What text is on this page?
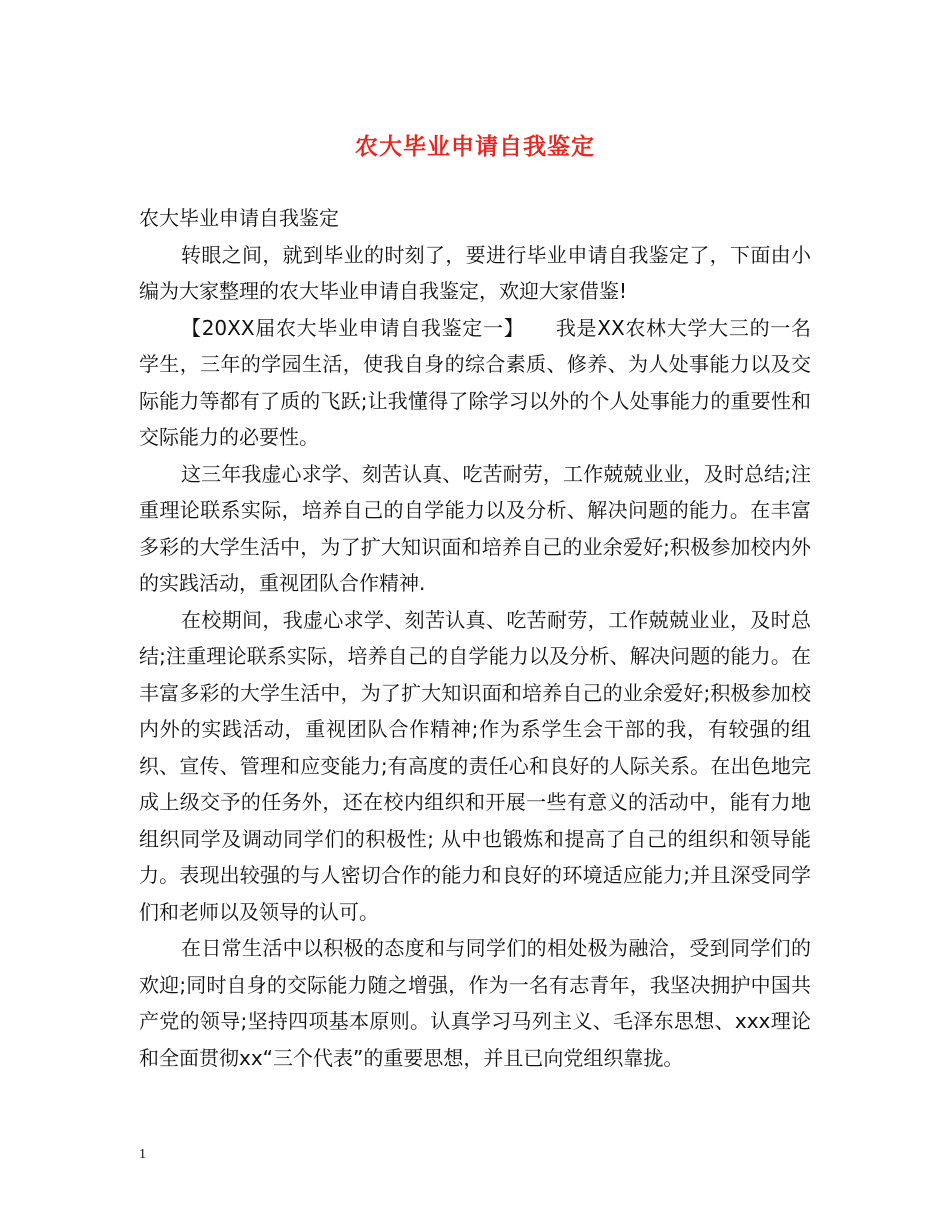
农大毕业申请自我鉴定

农大毕业申请自我鉴定

转眼之间，就到毕业的时刻了，要进行毕业申请自我鉴定了，下面由小编为大家整理的农大毕业申请自我鉴定，欢迎大家借鉴!

【20XX届农大毕业申请自我鉴定一】　　我是XX农林大学大三的一名学生，三年的学园生活，使我自身的综合素质、修养、为人处事能力以及交际能力等都有了质的飞跃;让我懂得了除学习以外的个人处事能力的重要性和交际能力的必要性。

这三年我虚心求学、刻苦认真、吃苦耐劳，工作兢兢业业，及时总结;注重理论联系实际，培养自己的自学能力以及分析、解决问题的能力。在丰富多彩的大学生活中，为了扩大知识面和培养自己的业余爱好;积极参加校内外的实践活动，重视团队合作精神.

在校期间，我虚心求学、刻苦认真、吃苦耐劳，工作兢兢业业，及时总结;注重理论联系实际，培养自己的自学能力以及分析、解决问题的能力。在丰富多彩的大学生活中，为了扩大知识面和培养自己的业余爱好;积极参加校内外的实践活动，重视团队合作精神;作为系学生会干部的我，有较强的组织、宣传、管理和应变能力;有高度的责任心和良好的人际关系。在出色地完成上级交予的任务外，还在校内组织和开展一些有意义的活动中，能有力地组织同学及调动同学们的积极性; 从中也锻炼和提高了自己的组织和领导能力。表现出较强的与人密切合作的能力和良好的环境适应能力;并且深受同学们和老师以及领导的认可。

在日常生活中以积极的态度和与同学们的相处极为融洽，受到同学们的欢迎;同时自身的交际能力随之增强，作为一名有志青年，我坚决拥护中国共产党的领导;坚持四项基本原则。认真学习马列主义、毛泽东思想、xxx理论和全面贯彻xx“三个代表”的重要思想，并且已向党组织靠拢。

1
